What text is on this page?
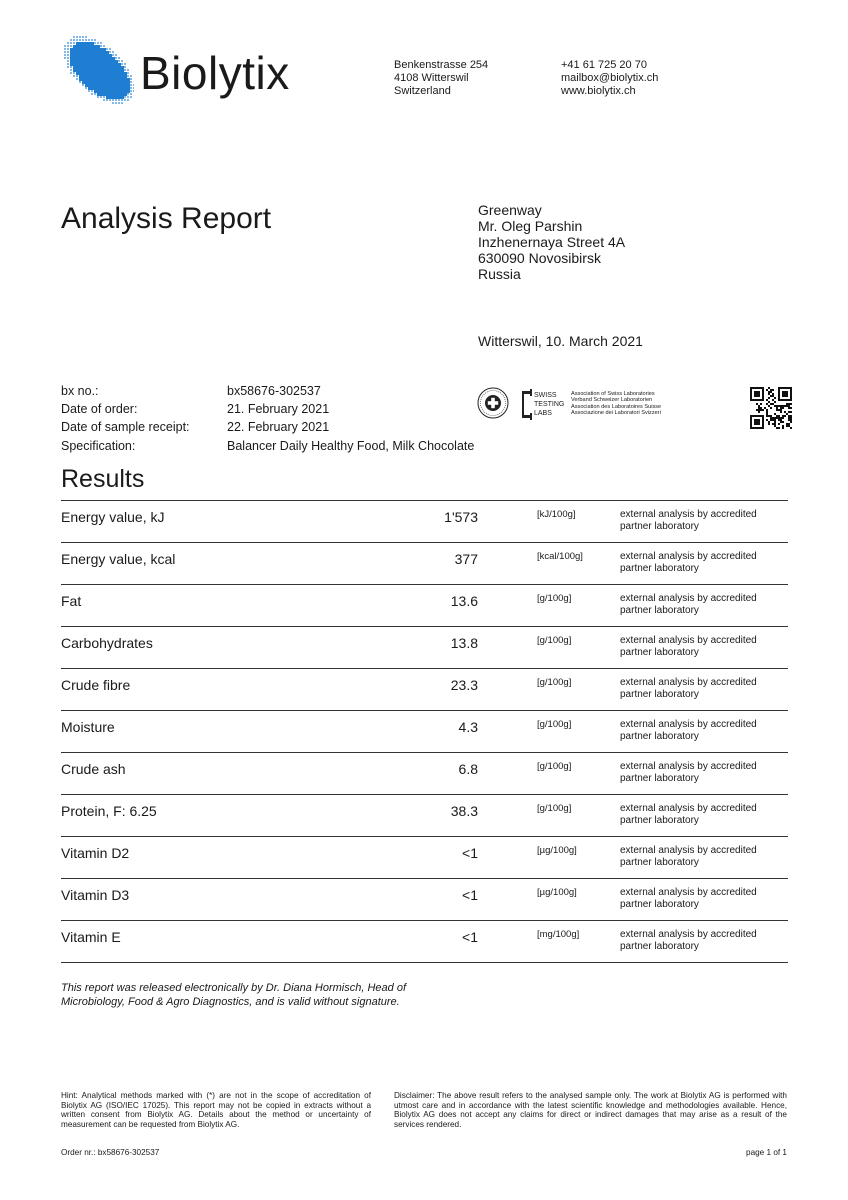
Biolytix	Benkenstrasse 254
4108 Witterswil
Switzerland
+41 61 725 20 70
mailbox@biolytix.ch
www.biolytix.ch
Analysis Report	Greenway
Mr. Oleg Parshin
Inzhenernaya Street 4A
630090 Novosibirsk
Russia
Witterswil, 10. March 2021
bx no.:	bx58676-302537
Date of order:	21. February 2021
Date of sample receipt:	22. February 2021
Specification:	Balancer Daily Healthy Food, Milk Chocolate
SWISS
TESTING
LABS
Association of Swiss Laboratories
Verband Schweizer Laboratorien
Association des Laboratoires Suisse
Associazione dei Laboratori Svizzeri
Results
Energy value, kJ	1'573	[kJ/100g]	external analysis by accredited partner laboratory
Energy value, kcal	377	[kcal/100g]	external analysis by accredited partner laboratory
Fat	13.6	[g/100g]	external analysis by accredited partner laboratory
Carbohydrates	13.8	[g/100g]	external analysis by accredited partner laboratory
Crude fibre	23.3	[g/100g]	external analysis by accredited partner laboratory
Moisture	4.3	[g/100g]	external analysis by accredited partner laboratory
Crude ash	6.8	[g/100g]	external analysis by accredited partner laboratory
Protein, F: 6.25	38.3	[g/100g]	external analysis by accredited partner laboratory
Vitamin D2	<1	[µg/100g]	external analysis by accredited partner laboratory
Vitamin D3	<1	[µg/100g]	external analysis by accredited partner laboratory
Vitamin E	<1	[mg/100g]	external analysis by accredited partner laboratory
This report was released electronically by Dr. Diana Hormisch, Head of Microbiology, Food & Agro Diagnostics, and is valid without signature.
Hint: Analytical methods marked with (*) are not in the scope of accreditation of Biolytix AG (ISO/IEC 17025). This report may not be copied in extracts without a written consent from Biolytix AG. Details about the method or uncertainty of measurement can be requested from Biolytix AG.
Disclaimer: The above result refers to the analysed sample only. The work at Biolytix AG is performed with utmost care and in accordance with the latest scientific knowledge and methodologies available. Hence, Biolytix AG does not accept any claims for direct or indirect damages that may arise as a result of the services rendered.
Order nr.: bx58676-302537	page 1 of 1
